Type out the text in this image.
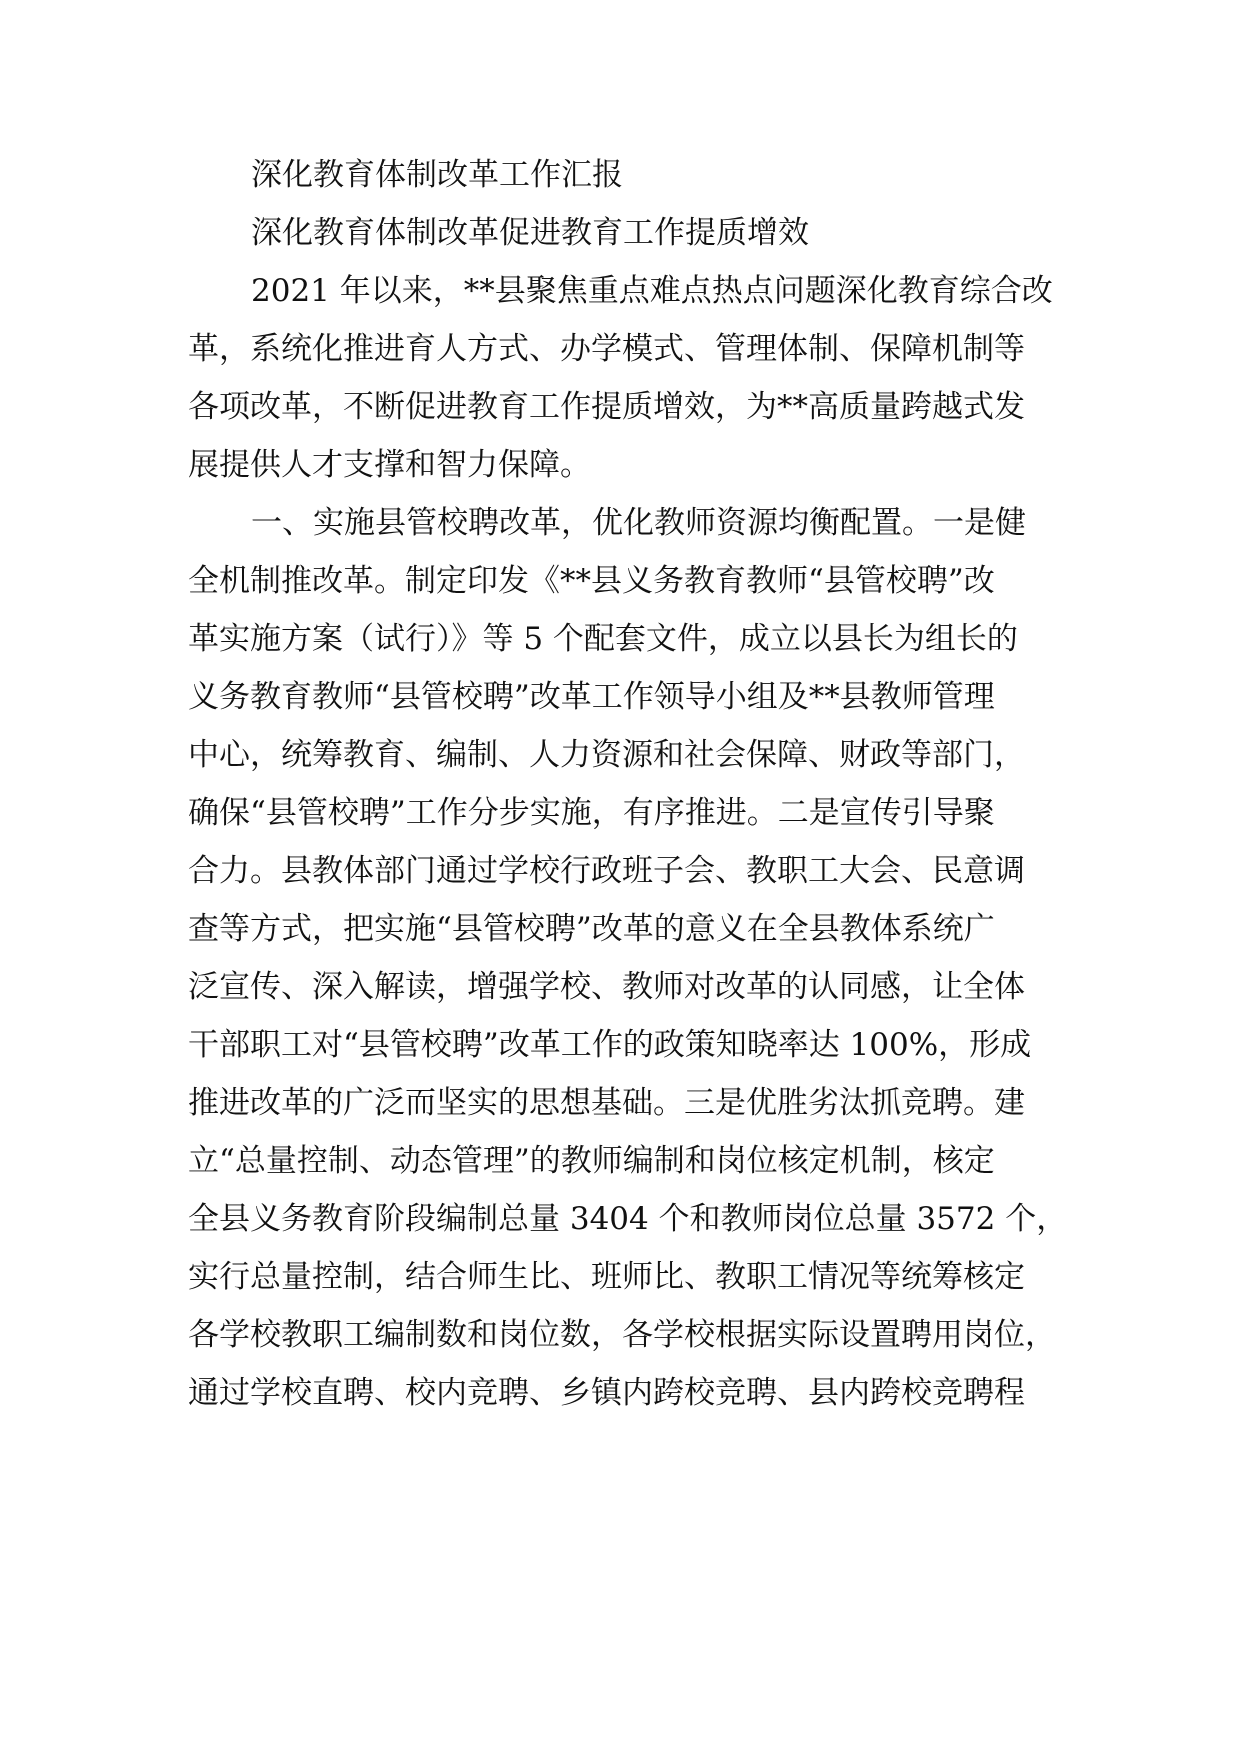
深化教育体制改革工作汇报
深化教育体制改革促进教育工作提质增效
2021 年以来，**县聚焦重点难点热点问题深化教育综合改
革，系统化推进育人方式、办学模式、管理体制、保障机制等
各项改革，不断促进教育工作提质增效，为**高质量跨越式发
展提供人才支撑和智力保障。
一、实施县管校聘改革，优化教师资源均衡配置。一是健
全机制推改革。制定印发《**县义务教育教师“县管校聘”改
革实施方案（试行）》等 5 个配套文件，成立以县长为组长的
义务教育教师“县管校聘”改革工作领导小组及**县教师管理
中心，统筹教育、编制、人力资源和社会保障、财政等部门，
确保“县管校聘”工作分步实施，有序推进。二是宣传引导聚
合力。县教体部门通过学校行政班子会、教职工大会、民意调
查等方式，把实施“县管校聘”改革的意义在全县教体系统广
泛宣传、深入解读，增强学校、教师对改革的认同感，让全体
干部职工对“县管校聘”改革工作的政策知晓率达 100%，形成
推进改革的广泛而坚实的思想基础。三是优胜劣汰抓竞聘。建
立“总量控制、动态管理”的教师编制和岗位核定机制，核定
全县义务教育阶段编制总量 3404 个和教师岗位总量 3572 个，
实行总量控制，结合师生比、班师比、教职工情况等统筹核定
各学校教职工编制数和岗位数，各学校根据实际设置聘用岗位，
通过学校直聘、校内竞聘、乡镇内跨校竞聘、县内跨校竞聘程
